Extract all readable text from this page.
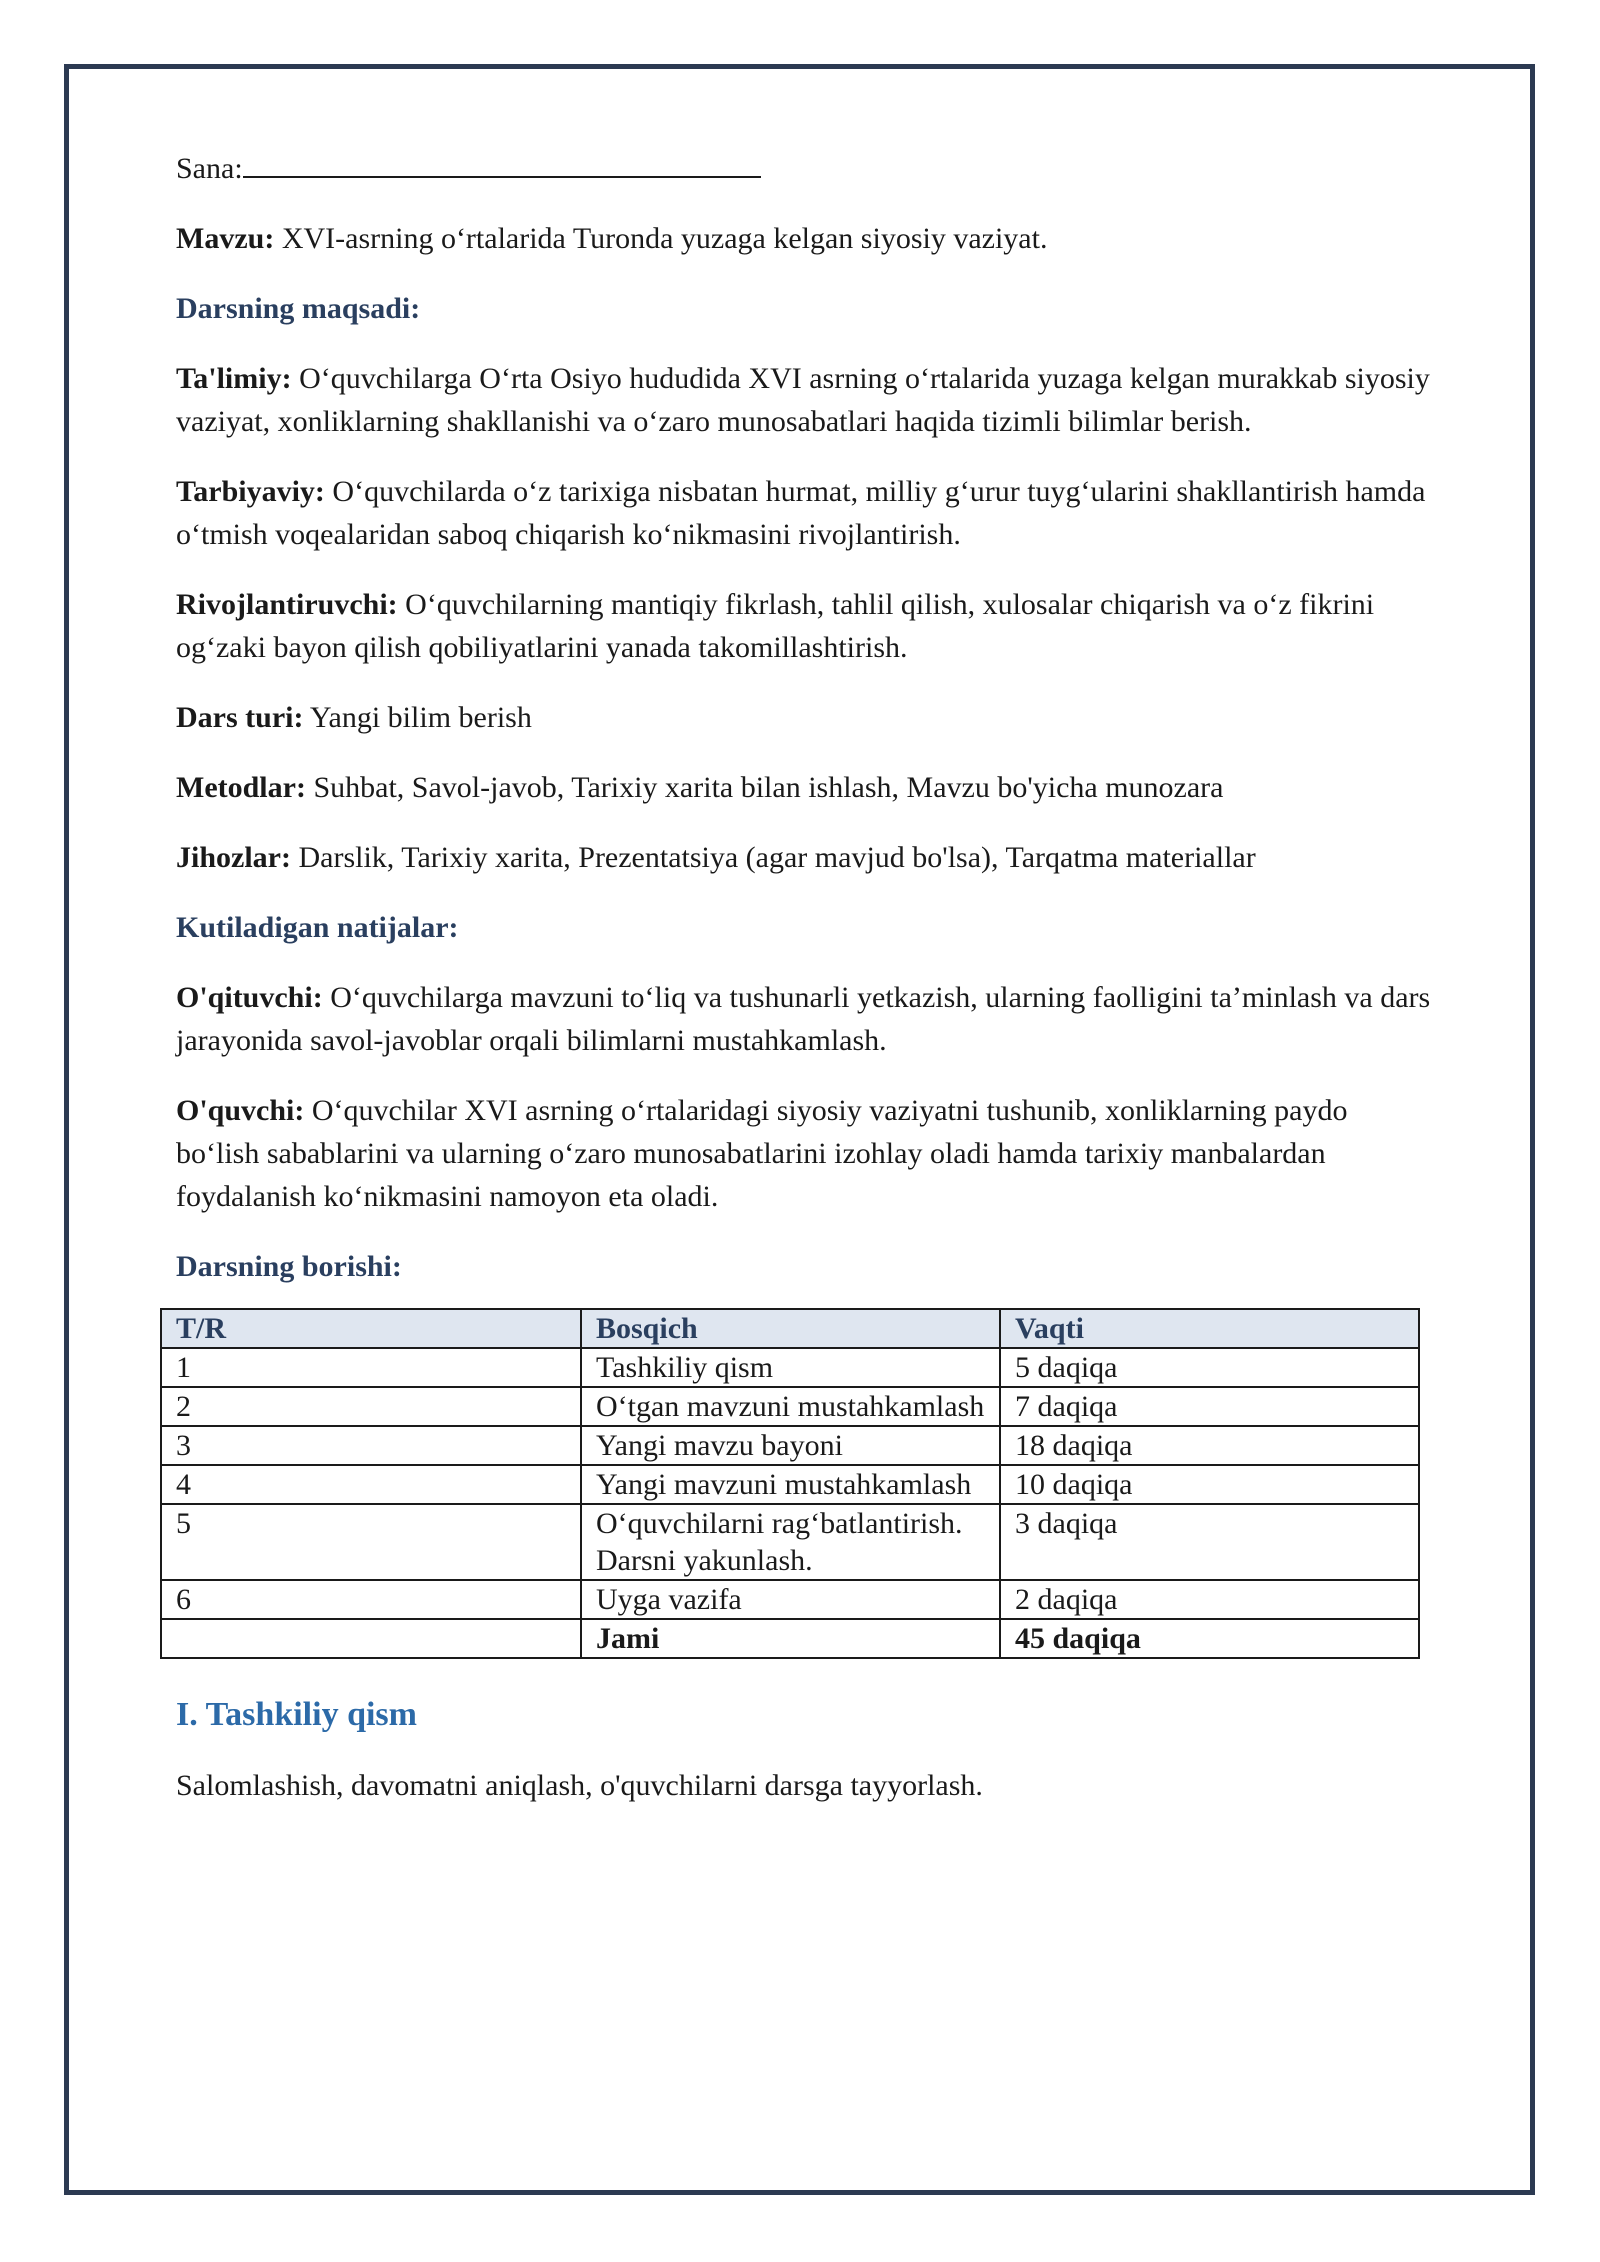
Sana:

Mavzu: XVI-asrning o‘rtalarida Turonda yuzaga kelgan siyosiy vaziyat.

Darsning maqsadi:

Ta'limiy: O‘quvchilarga O‘rta Osiyo hududida XVI asrning o‘rtalarida yuzaga kelgan murakkab siyosiy vaziyat, xonliklarning shakllanishi va o‘zaro munosabatlari haqida tizimli bilimlar berish.

Tarbiyaviy: O‘quvchilarda o‘z tarixiga nisbatan hurmat, milliy g‘urur tuyg‘ularini shakllantirish hamda o‘tmish voqealaridan saboq chiqarish ko‘nikmasini rivojlantirish.

Rivojlantiruvchi: O‘quvchilarning mantiqiy fikrlash, tahlil qilish, xulosalar chiqarish va o‘z fikrini og‘zaki bayon qilish qobiliyatlarini yanada takomillashtirish.

Dars turi: Yangi bilim berish

Metodlar: Suhbat, Savol-javob, Tarixiy xarita bilan ishlash, Mavzu bo'yicha munozara

Jihozlar: Darslik, Tarixiy xarita, Prezentatsiya (agar mavjud bo'lsa), Tarqatma materiallar

Kutiladigan natijalar:

O'qituvchi: O‘quvchilarga mavzuni to‘liq va tushunarli yetkazish, ularning faolligini ta’minlash va dars jarayonida savol-javoblar orqali bilimlarni mustahkamlash.

O'quvchi: O‘quvchilar XVI asrning o‘rtalaridagi siyosiy vaziyatni tushunib, xonliklarning paydo bo‘lish sabablarini va ularning o‘zaro munosabatlarini izohlay oladi hamda tarixiy manbalardan foydalanish ko‘nikmasini namoyon eta oladi.

Darsning borishi:

T/R	Bosqich	Vaqti
1	Tashkiliy qism	5 daqiqa
2	O‘tgan mavzuni mustahkamlash	7 daqiqa
3	Yangi mavzu bayoni	18 daqiqa
4	Yangi mavzuni mustahkamlash	10 daqiqa
5	O‘quvchilarni rag‘batlantirish. Darsni yakunlash.	3 daqiqa
6	Uyga vazifa	2 daqiqa
	Jami	45 daqiqa

I. Tashkiliy qism

Salomlashish, davomatni aniqlash, o'quvchilarni darsga tayyorlash.
